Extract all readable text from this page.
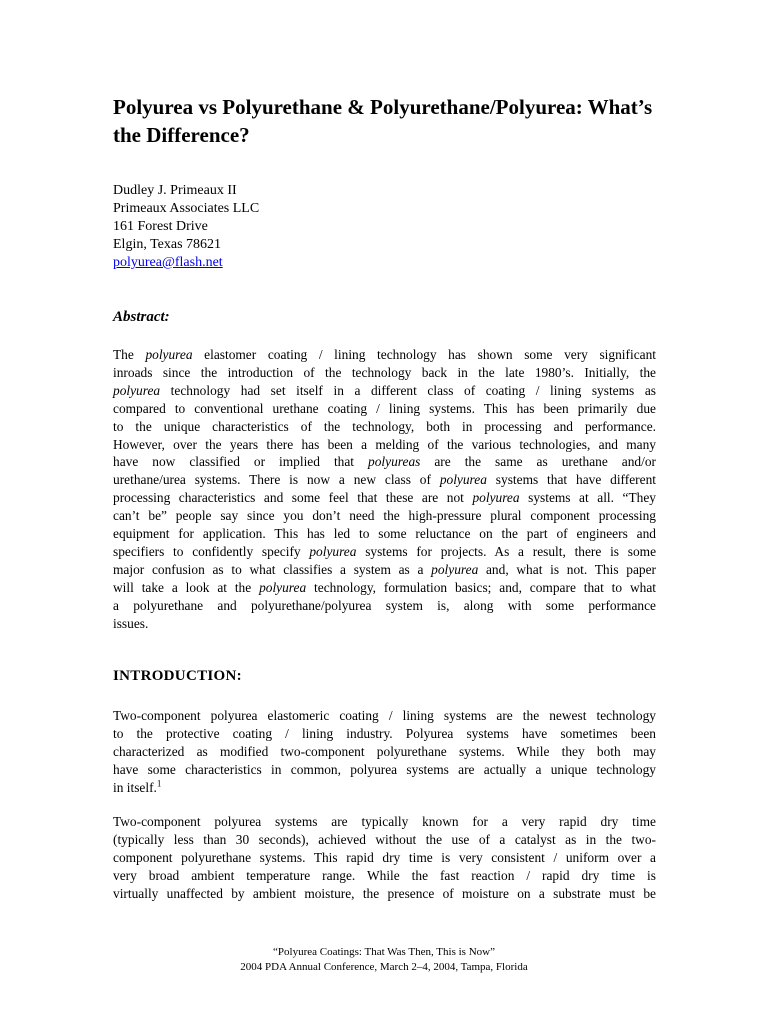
Polyurea vs Polyurethane & Polyurethane/Polyurea: What’s the Difference?
Dudley J. Primeaux II
Primeaux Associates LLC
161 Forest Drive
Elgin, Texas 78621
polyurea@flash.net
Abstract:
The polyurea elastomer coating / lining technology has shown some very significant
inroads since the introduction of the technology back in the late 1980’s. Initially, the
polyurea technology had set itself in a different class of coating / lining systems as
compared to conventional urethane coating / lining systems. This has been primarily due
to the unique characteristics of the technology, both in processing and performance.
However, over the years there has been a melding of the various technologies, and many
have now classified or implied that polyureas are the same as urethane and/or
urethane/urea systems. There is now a new class of polyurea systems that have different
processing characteristics and some feel that these are not polyurea systems at all. “They
can’t be” people say since you don’t need the high-pressure plural component processing
equipment for application. This has led to some reluctance on the part of engineers and
specifiers to confidently specify polyurea systems for projects. As a result, there is some
major confusion as to what classifies a system as a polyurea and, what is not. This paper
will take a look at the polyurea technology, formulation basics; and, compare that to what
a polyurethane and polyurethane/polyurea system is, along with some performance
issues.
INTRODUCTION:
Two-component polyurea elastomeric coating / lining systems are the newest technology
to the protective coating / lining industry. Polyurea systems have sometimes been
characterized as modified two-component polyurethane systems. While they both may
have some characteristics in common, polyurea systems are actually a unique technology
in itself.$^1$
Two-component polyurea systems are typically known for a very rapid dry time
(typically less than 30 seconds), achieved without the use of a catalyst as in the two-
component polyurethane systems. This rapid dry time is very consistent / uniform over a
very broad ambient temperature range. While the fast reaction / rapid dry time is
virtually unaffected by ambient moisture, the presence of moisture on a substrate must be
“Polyurea Coatings: That Was Then, This is Now”
2004 PDA Annual Conference, March 2–4, 2004, Tampa, Florida
